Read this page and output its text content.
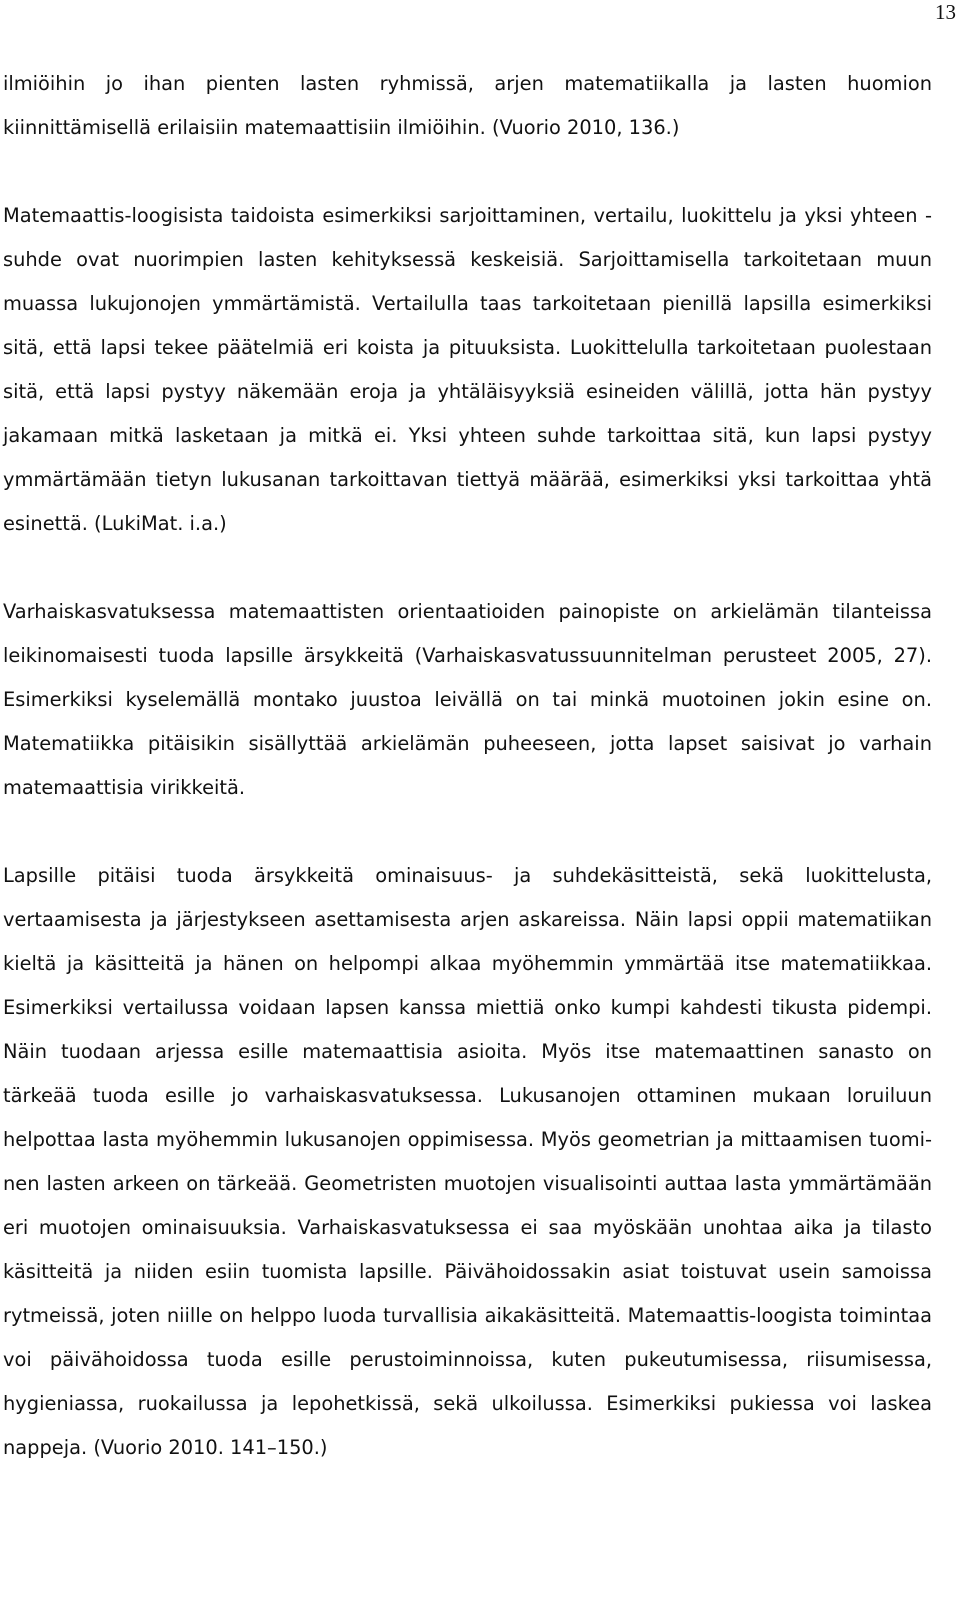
13

ilmiöihin jo ihan pienten lasten ryhmissä, arjen matematiikalla ja lasten huomion kiinnittämisellä erilaisiin matemaattisiin ilmiöihin. (Vuorio 2010, 136.)

Matemaattis-loogisista taidoista esimerkiksi sarjoittaminen, vertailu, luokittelu ja yksi yhteen -suhde ovat nuorimpien lasten kehityksessä keskeisiä. Sarjoittamisella tarkoitetaan muun muassa lukujonojen ymmärtämistä. Vertailulla taas tarkoitetaan pienillä lapsilla esimerkiksi sitä, että lapsi tekee päätelmiä eri koista ja pituuksista. Luokittelulla tarkoitetaan puolestaan sitä, että lapsi pystyy näkemään eroja ja yhtäläisyyksiä esineiden välillä, jotta hän pystyy jakamaan mitkä lasketaan ja mitkä ei. Yksi yhteen suhde tarkoittaa sitä, kun lapsi pystyy ymmärtämään tietyn lukusanan tarkoittavan tiettyä määrää, esimerkiksi yksi tarkoittaa yhtä esinettä. (LukiMat. i.a.)

Varhaiskasvatuksessa matemaattisten orientaatioiden painopiste on arkielämän tilanteissa leikinomaisesti tuoda lapsille ärsykkeitä (Varhaiskasvatussuunnitelman perusteet 2005, 27). Esimerkiksi kyselemällä montako juustoa leivällä on tai minkä muotoinen jokin esine on. Matematiikka pitäisikin sisällyttää arkielämän puheeseen, jotta lapset saisivat jo varhain matemaattisia virikkeitä.

Lapsille pitäisi tuoda ärsykkeitä ominaisuus- ja suhdekäsitteistä, sekä luokittelusta, vertaamisesta ja järjestykseen asettamisesta arjen askareissa. Näin lapsi oppii matematiikan kieltä ja käsitteitä ja hänen on helpompi alkaa myöhemmin ymmärtää itse matematiikkaa. Esimerkiksi vertailussa voidaan lapsen kanssa miettiä onko kumpi kahdesti tikusta pidempi. Näin tuodaan arjessa esille matemaattisia asioita. Myös itse matemaattinen sanasto on tärkeää tuoda esille jo varhaiskasvatuksessa. Lukusanojen ottaminen mukaan loruiluun helpottaa lasta myöhemmin lukusanojen oppimisessa. Myös geometrian ja mittaamisen tuominen lasten arkeen on tärkeää. Geometristen muotojen visualisointi auttaa lasta ymmärtämään eri muotojen ominaisuuksia. Varhaiskasvatuksessa ei saa myöskään unohtaa aika ja tilasto käsitteitä ja niiden esiin tuomista lapsille. Päivähoidossakin asiat toistuvat usein samoissa rytmeissä, joten niille on helppo luoda turvallisia aikakäsitteitä. Matemaattis-loogista toimintaa voi päivähoidossa tuoda esille perustoiminnoissa, kuten pukeutumisessa, riisumisessa, hygieniassa, ruokailussa ja lepohetkissä, sekä ulkoilussa. Esimerkiksi pukiessa voi laskea nappeja. (Vuorio 2010. 141–150.)
